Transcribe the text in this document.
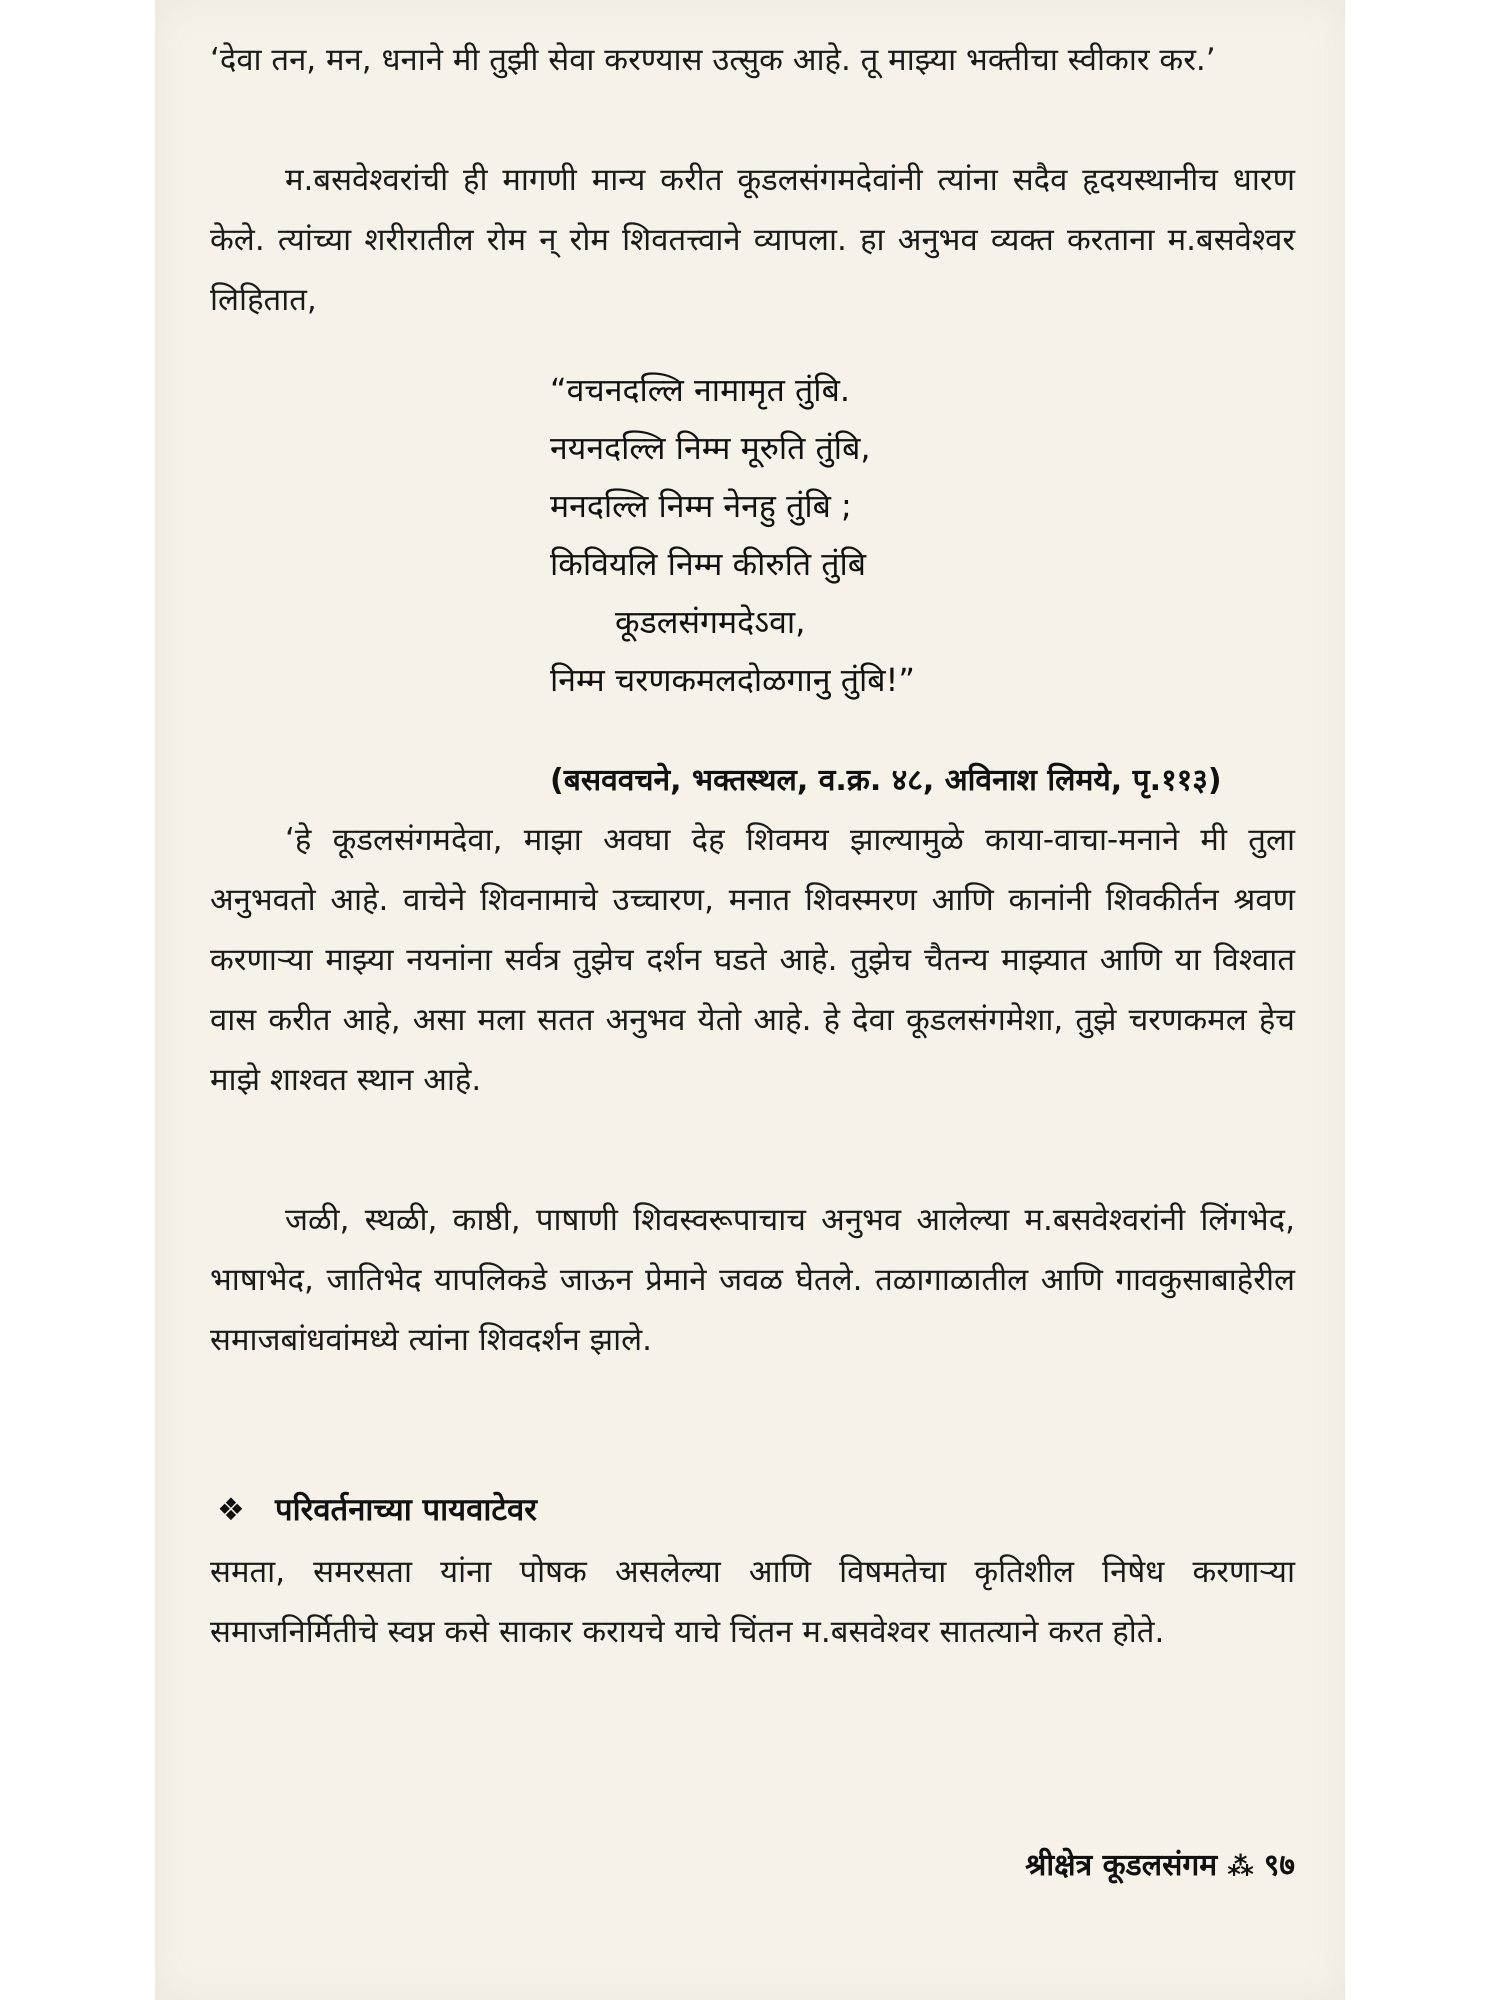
‘देवा तन, मन, धनाने मी तुझी सेवा करण्यास उत्सुक आहे. तू माझ्या भक्तीचा स्वीकार कर.’
म.बसवेश्वरांची ही मागणी मान्य करीत कूडलसंगमदेवांनी त्यांना सदैव हृदयस्थानीच धारण केले. त्यांच्या शरीरातील रोम न् रोम शिवतत्त्वाने व्यापला. हा अनुभव व्यक्त करताना म.बसवेश्वर लिहितात,
“वचनदल्लि नामामृत तुंबि.
नयनदल्लि निम्म मूरुति तुंबि,
मनदल्लि निम्म नेनहु तुंबि ;
किवियलि निम्म कीरुति तुंबि
कूडलसंगमदेऽवा,
निम्म चरणकमलदोळगानु तुंबि!”
(बसववचने, भक्तस्थल, व.क्र. ४८, अविनाश लिमये, पृ.११३)
‘हे कूडलसंगमदेवा, माझा अवघा देह शिवमय झाल्यामुळे काया-वाचा-मनाने मी तुला अनुभवतो आहे. वाचेने शिवनामाचे उच्चारण, मनात शिवस्मरण आणि कानांनी शिवकीर्तन श्रवण करणाऱ्या माझ्या नयनांना सर्वत्र तुझेच दर्शन घडते आहे. तुझेच चैतन्य माझ्यात आणि या विश्वात वास करीत आहे, असा मला सतत अनुभव येतो आहे. हे देवा कूडलसंगमेशा, तुझे चरणकमल हेच माझे शाश्वत स्थान आहे.
जळी, स्थळी, काष्ठी, पाषाणी शिवस्वरूपाचाच अनुभव आलेल्या म.बसवेश्वरांनी लिंगभेद, भाषाभेद, जातिभेद यापलिकडे जाऊन प्रेमाने जवळ घेतले. तळागाळातील आणि गावकुसाबाहेरील समाजबांधवांमध्ये त्यांना शिवदर्शन झाले.
❖ परिवर्तनाच्या पायवाटेवर
समता, समरसता यांना पोषक असलेल्या आणि विषमतेचा कृतिशील निषेध करणाऱ्या समाजनिर्मितीचे स्वप्न कसे साकार करायचे याचे चिंतन म.बसवेश्वर सातत्याने करत होते.
श्रीक्षेत्र कूडलसंगम ⁂ ९७
